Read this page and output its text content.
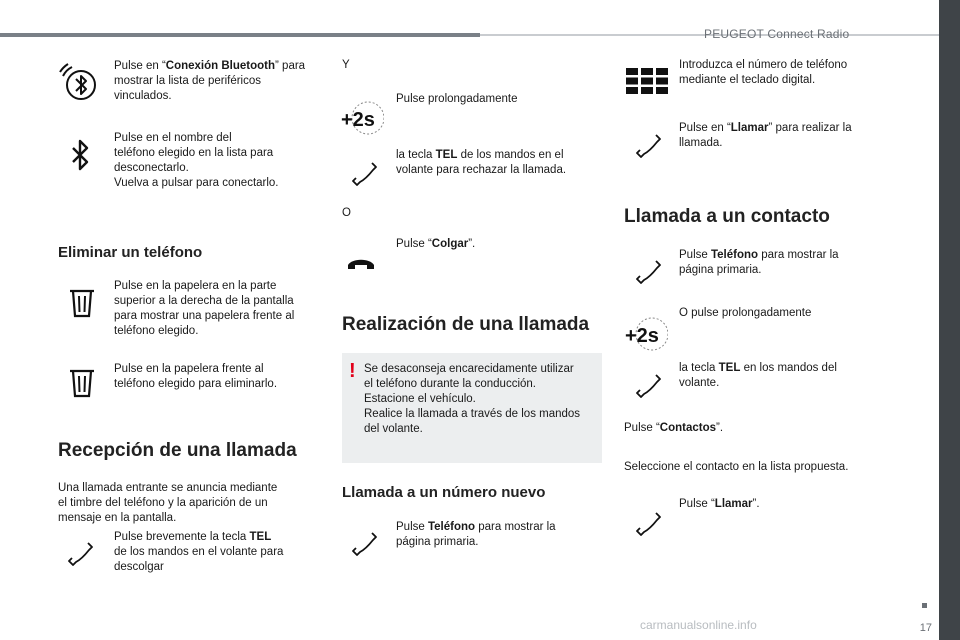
PEUGEOT Connect Radio
Pulse en “Conexión Bluetooth” para mostrar la lista de periféricos vinculados.
Pulse en el nombre del
teléfono elegido en la lista para
desconectarlo.
Vuelva a pulsar para conectarlo.
Eliminar un teléfono
Pulse en la papelera en la parte
superior a la derecha de la pantalla
para mostrar una papelera frente al
teléfono elegido.
Pulse en la papelera frente al
teléfono elegido para eliminarlo.
Recepción de una llamada
Una llamada entrante se anuncia mediante
el timbre del teléfono y la aparición de un
mensaje en la pantalla.
Pulse brevemente la tecla TEL
de los mandos en el volante para
descolgar
Y
+2s
Pulse prolongadamente
la tecla TEL de los mandos en el
volante para rechazar la llamada.
O
Pulse “Colgar”.
Realización de una llamada
! Se desaconseja encarecidamente utilizar
el teléfono durante la conducción.
Estacione el vehículo.
Realice la llamada a través de los mandos
del volante.
Llamada a un número nuevo
Pulse Teléfono para mostrar la
página primaria.
Introduzca el número de teléfono
mediante el teclado digital.
Pulse en “Llamar” para realizar la
llamada.
Llamada a un contacto
Pulse Teléfono para mostrar la
página primaria.
+2s
O pulse prolongadamente
la tecla TEL en los mandos del
volante.
Pulse “Contactos”.
Seleccione el contacto en la lista propuesta.
Pulse “Llamar”.
17
carmanualsonline.info
